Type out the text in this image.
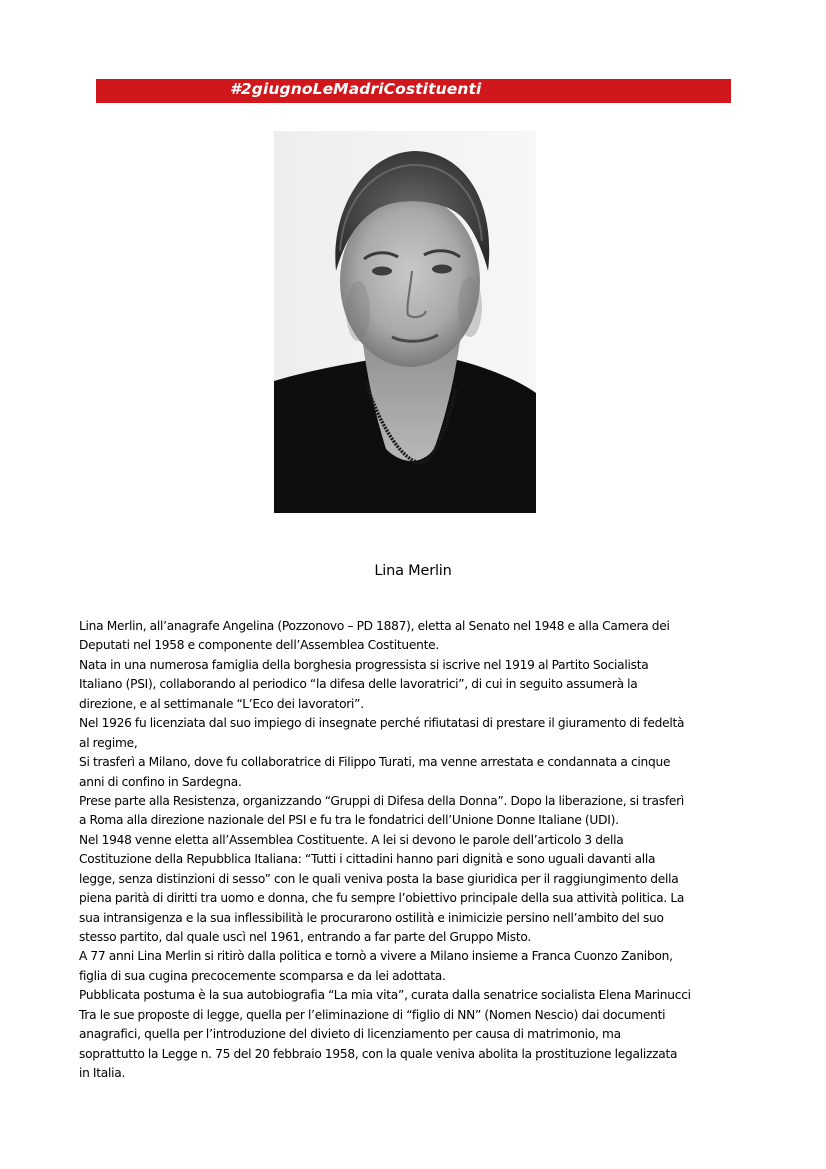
#2giugnoLeMadriCostituenti
Lina Merlin
Lina Merlin, all’anagrafe Angelina (Pozzonovo – PD 1887), eletta al Senato nel 1948 e alla Camera dei
Deputati nel 1958 e componente dell’Assemblea Costituente.
Nata in una numerosa famiglia della borghesia progressista si iscrive nel 1919 al Partito Socialista
Italiano (PSI), collaborando al periodico “la difesa delle lavoratrici”, di cui in seguito assumerà la
direzione, e al settimanale “L’Eco dei lavoratori”.
Nel 1926 fu licenziata dal suo impiego di insegnate perché rifiutatasi di prestare il giuramento di fedeltà
al regime,
Si trasferì a Milano, dove fu collaboratrice di Filippo Turati, ma venne arrestata e condannata a cinque
anni di confino in Sardegna.
Prese parte alla Resistenza, organizzando “Gruppi di Difesa della Donna”. Dopo la liberazione, si trasferì
a Roma alla direzione nazionale del PSI e fu tra le fondatrici dell’Unione Donne Italiane (UDI).
Nel 1948 venne eletta all’Assemblea Costituente. A lei si devono le parole dell’articolo 3 della
Costituzione della Repubblica Italiana: “Tutti i cittadini hanno pari dignità e sono uguali davanti alla
legge, senza distinzioni di sesso” con le quali veniva posta la base giuridica per il raggiungimento della
piena parità di diritti tra uomo e donna, che fu sempre l’obiettivo principale della sua attività politica. La
sua intransigenza e la sua inflessibilità le procurarono ostilità e inimicizie persino nell’ambito del suo
stesso partito, dal quale uscì nel 1961, entrando a far parte del Gruppo Misto.
A 77 anni Lina Merlin si ritirò dalla politica e tornò a vivere a Milano insieme a Franca Cuonzo Zanibon,
figlia di sua cugina precocemente scomparsa e da lei adottata.
Pubblicata postuma è la sua autobiografia “La mia vita”, curata dalla senatrice socialista Elena Marinucci
Tra le sue proposte di legge, quella per l’eliminazione di “figlio di NN” (Nomen Nescio) dai documenti
anagrafici, quella per l’introduzione del divieto di licenziamento per causa di matrimonio, ma
soprattutto la Legge n. 75 del 20 febbraio 1958, con la quale veniva abolita la prostituzione legalizzata
in Italia.
